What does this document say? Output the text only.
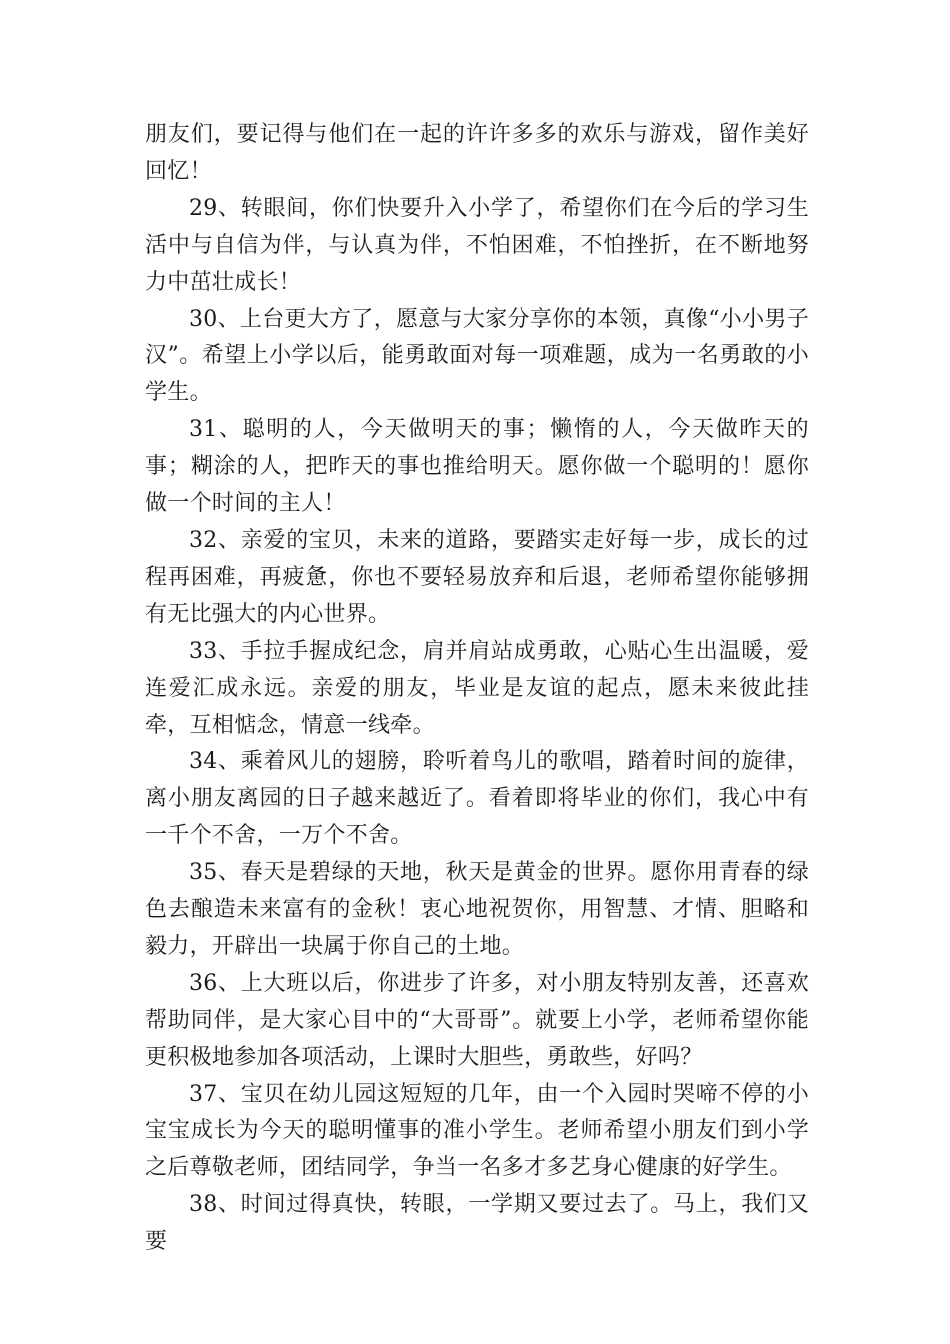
朋友们，要记得与他们在一起的许许多多的欢乐与游戏，留作美好回忆！

29、转眼间，你们快要升入小学了，希望你们在今后的学习生活中与自信为伴，与认真为伴，不怕困难，不怕挫折，在不断地努力中茁壮成长！

30、上台更大方了，愿意与大家分享你的本领，真像“小小男子汉”。希望上小学以后，能勇敢面对每一项难题，成为一名勇敢的小学生。

31、聪明的人，今天做明天的事；懒惰的人，今天做昨天的事；糊涂的人，把昨天的事也推给明天。愿你做一个聪明的！愿你做一个时间的主人！

32、亲爱的宝贝，未来的道路，要踏实走好每一步，成长的过程再困难，再疲惫，你也不要轻易放弃和后退，老师希望你能够拥有无比强大的内心世界。

33、手拉手握成纪念，肩并肩站成勇敢，心贴心生出温暖，爱连爱汇成永远。亲爱的朋友，毕业是友谊的起点，愿未来彼此挂牵，互相惦念，情意一线牵。

34、乘着风儿的翅膀，聆听着鸟儿的歌唱，踏着时间的旋律，离小朋友离园的日子越来越近了。看着即将毕业的你们，我心中有一千个不舍，一万个不舍。

35、春天是碧绿的天地，秋天是黄金的世界。愿你用青春的绿色去酿造未来富有的金秋！衷心地祝贺你，用智慧、才情、胆略和毅力，开辟出一块属于你自己的土地。

36、上大班以后，你进步了许多，对小朋友特别友善，还喜欢帮助同伴，是大家心目中的“大哥哥”。就要上小学，老师希望你能更积极地参加各项活动，上课时大胆些，勇敢些，好吗？

37、宝贝在幼儿园这短短的几年，由一个入园时哭啼不停的小宝宝成长为今天的聪明懂事的准小学生。老师希望小朋友们到小学之后尊敬老师，团结同学，争当一名多才多艺身心健康的好学生。

38、时间过得真快，转眼，一学期又要过去了。马上，我们又要
